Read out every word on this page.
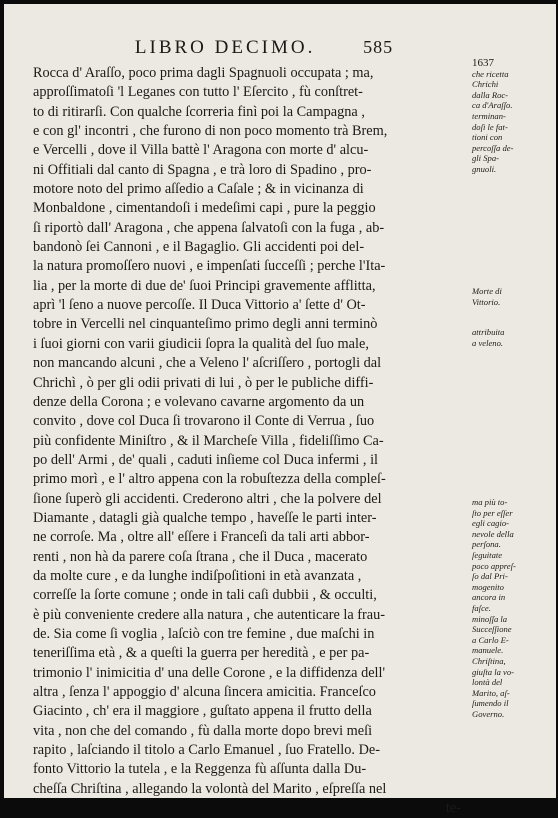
LIBRO DECIMO.	585
Rocca d' Araſſo, poco prima dagli Spagnuoli occupata ; ma,
approſſimatoſi 'l Leganes con tutto l' Eſercito , fù conſtret-
to di ritirarſi. Con qualche ſcorreria finì poi la Campagna ,
e con gl' incontri , che furono di non poco momento trà Brem,
e Vercelli , dove il Villa battè l' Aragona con morte d' alcu-
ni Offitiali dal canto di Spagna , e trà loro di Spadino , pro-
motore noto del primo aſſedio a Caſale ; & in vicinanza di
Monbaldone , cimentandoſi i medeſimi capi , pure la peggio
ſi riportò dall' Aragona , che appena ſalvatoſi con la fuga , ab-
bandonò ſei Cannoni , e il Bagaglio. Gli accidenti poi del-
la natura promoſſero nuovi , e impenſati ſucceſſi ; perche l'Ita-
lia , per la morte di due de' ſuoi Principi gravemente afflitta,
aprì 'l ſeno a nuove percoſſe. Il Duca Vittorio a' ſette d' Ot-
tobre in Vercelli nel cinquanteſimo primo degli anni terminò
i ſuoi giorni con varii giudicii ſopra la qualità del ſuo male,
non mancando alcuni , che a Veleno l' aſcriſſero , portogli dal
Chrichì , ò per gli odii privati di lui , ò per le publiche diffi-
denze della Corona ; e volevano cavarne argomento da un
convito , dove col Duca ſi trovarono il Conte di Verrua , ſuo
più confidente Miniſtro , & il Marcheſe Villa , fideliſſimo Ca-
po dell' Armi , de' quali , caduti inſieme col Duca infermi , il
primo morì , e l' altro appena con la robuſtezza della compleſ-
ſione ſuperò gli accidenti. Crederono altri , che la polvere del
Diamante , datagli già qualche tempo , haveſſe le parti inter-
ne corroſe. Ma , oltre all' eſſere i Franceſi da tali arti abbor-
renti , non hà da parere coſa ſtrana , che il Duca , macerato
da molte cure , e da lunghe indiſpoſitioni in età avanzata ,
correſſe la ſorte comune ; onde in tali caſi dubbii , & occulti,
è più conveniente credere alla natura , che autenticare la frau-
de. Sia come ſi voglia , laſciò con tre femine , due maſchi in
teneriſſima età , & a queſti la guerra per heredità , e per pa-
trimonio l' inimicitia d' una delle Corone , e la diffidenza dell'
altra , ſenza l' appoggio d' alcuna ſincera amicitia. Franceſco
Giacinto , ch' era il maggiore , guſtato appena il frutto della
vita , non che del comando , fù dalla morte dopo brevi meſi
rapito , laſciando il titolo a Carlo Emanuel , ſuo Fratello. De-
fonto Vittorio la tutela , e la Reggenza fù aſſunta dalla Du-
cheſſa Chriſtina , allegando la volontà del Marito , eſpreſſa nel
te-
1637
che ricetta
Chrichi
dalla Roc-
ca d'Araſſo.
terminan-
doſi le fat-
tioni con
percoſſa de-
gli Spa-
gnuoli.
Morte di
Vittorio.
attribuita
a veleno.
ma più to-
ſto per eſſer
egli cagio-
nevole della
perſona.
ſeguitate
poco appreſ-
ſo dal Pri-
mogenito
ancora in
faſce.
minoſſa la
Succeſſione
a Carlo E-
manuele.
Chriſtina,
giuſta la vo-
lontà del
Marito, aſ-
ſumendo il
Governo.
